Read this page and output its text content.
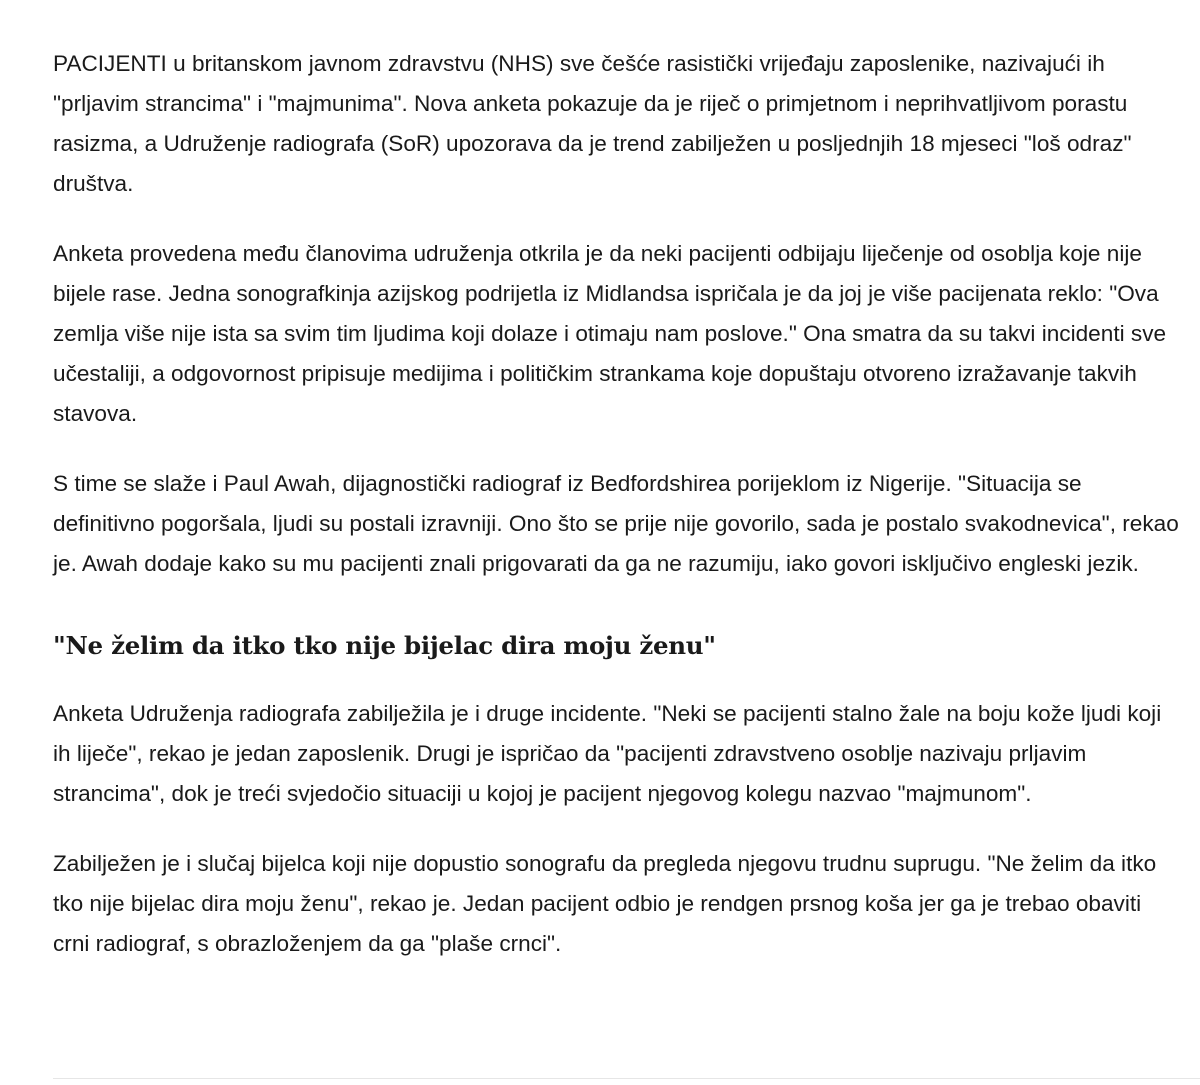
PACIJENTI u britanskom javnom zdravstvu (NHS) sve češće rasistički vrijeđaju zaposlenike, nazivajući ih "prljavim strancima" i "majmunima". Nova anketa pokazuje da je riječ o primjetnom i neprihvatljivom porastu rasizma, a Udruženje radiografa (SoR) upozorava da je trend zabilježen u posljednjih 18 mjeseci "loš odraz" društva.

Anketa provedena među članovima udruženja otkrila je da neki pacijenti odbijaju liječenje od osoblja koje nije bijele rase. Jedna sonografkinja azijskog podrijetla iz Midlandsa ispričala je da joj je više pacijenata reklo: "Ova zemlja više nije ista sa svim tim ljudima koji dolaze i otimaju nam poslove." Ona smatra da su takvi incidenti sve učestaliji, a odgovornost pripisuje medijima i političkim strankama koje dopuštaju otvoreno izražavanje takvih stavova.

S time se slaže i Paul Awah, dijagnostički radiograf iz Bedfordshirea porijeklom iz Nigerije. "Situacija se definitivno pogoršala, ljudi su postali izravniji. Ono što se prije nije govorilo, sada je postalo svakodnevica", rekao je. Awah dodaje kako su mu pacijenti znali prigovarati da ga ne razumiju, iako govori isključivo engleski jezik.

"Ne želim da itko tko nije bijelac dira moju ženu"

Anketa Udruženja radiografa zabilježila je i druge incidente. "Neki se pacijenti stalno žale na boju kože ljudi koji ih liječe", rekao je jedan zaposlenik. Drugi je ispričao da "pacijenti zdravstveno osoblje nazivaju prljavim strancima", dok je treći svjedočio situaciji u kojoj je pacijent njegovog kolegu nazvao "majmunom".

Zabilježen je i slučaj bijelca koji nije dopustio sonografu da pregleda njegovu trudnu suprugu. "Ne želim da itko tko nije bijelac dira moju ženu", rekao je. Jedan pacijent odbio je rendgen prsnog koša jer ga je trebao obaviti crni radiograf, s obrazloženjem da ga "plaše crnci".
